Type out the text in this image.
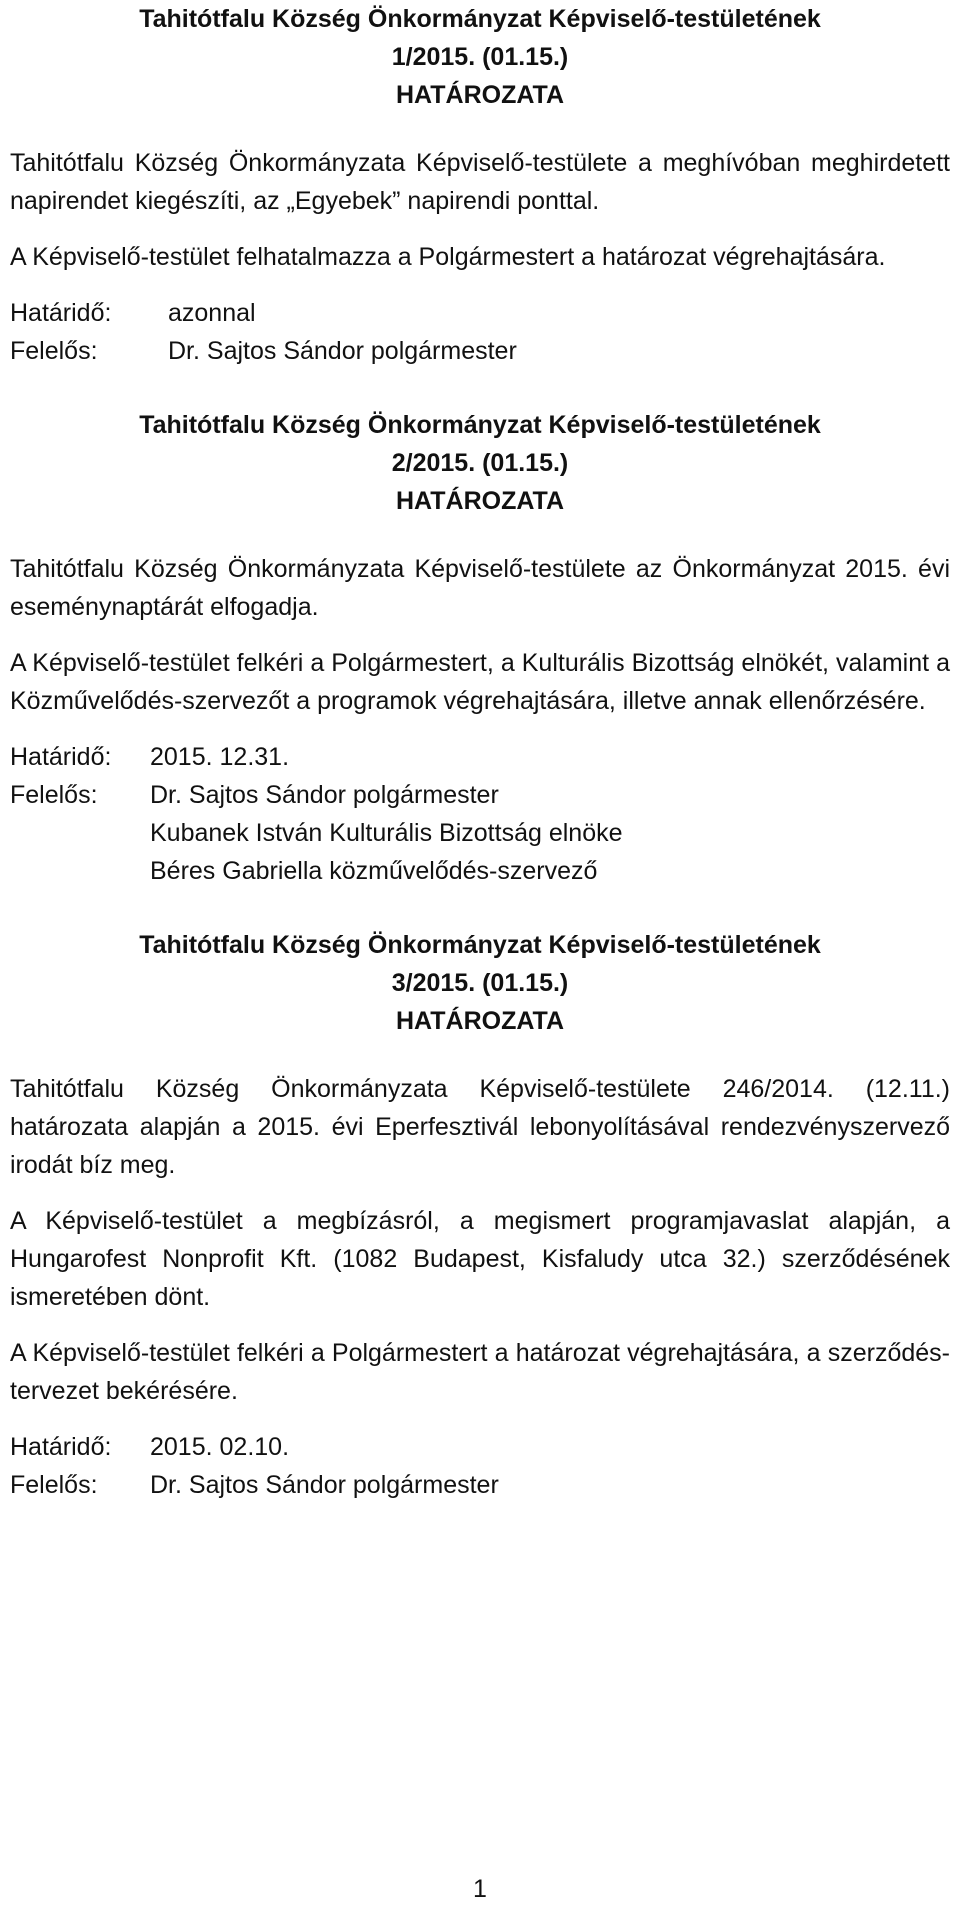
Tahitótfalu Község Önkormányzat Képviselő-testületének

1/2015. (01.15.)

HATÁROZATA

Tahitótfalu Község Önkormányzata Képviselő-testülete a meghívóban meghirdetett napirendet kiegészíti, az „Egyebek” napirendi ponttal.

A Képviselő-testület felhatalmazza a Polgármestert a határozat végrehajtására.

Határidő:	azonnal
Felelős:	Dr. Sajtos Sándor polgármester

Tahitótfalu Község Önkormányzat Képviselő-testületének

2/2015. (01.15.)

HATÁROZATA

Tahitótfalu Község Önkormányzata Képviselő-testülete az Önkormányzat 2015. évi eseménynaptárát elfogadja.

A Képviselő-testület felkéri a Polgármestert, a Kulturális Bizottság elnökét, valamint a Közművelődés-szervezőt a programok végrehajtására, illetve annak ellenőrzésére.

Határidő:	2015. 12.31.
Felelős:	Dr. Sajtos Sándor polgármester
Kubanek István Kulturális Bizottság elnöke
Béres Gabriella közművelődés-szervező

Tahitótfalu Község Önkormányzat Képviselő-testületének

3/2015. (01.15.)

HATÁROZATA

Tahitótfalu Község Önkormányzata Képviselő-testülete 246/2014. (12.11.) határozata alapján a 2015. évi Eperfesztivál lebonyolításával rendezvényszervező irodát bíz meg.

A Képviselő-testület a megbízásról, a megismert programjavaslat alapján, a Hungarofest Nonprofit Kft. (1082 Budapest, Kisfaludy utca 32.) szerződésének ismeretében dönt.

A Képviselő-testület felkéri a Polgármestert a határozat végrehajtására, a szerződés-tervezet bekérésére.

Határidő:	2015. 02.10.
Felelős:	Dr. Sajtos Sándor polgármester
1
